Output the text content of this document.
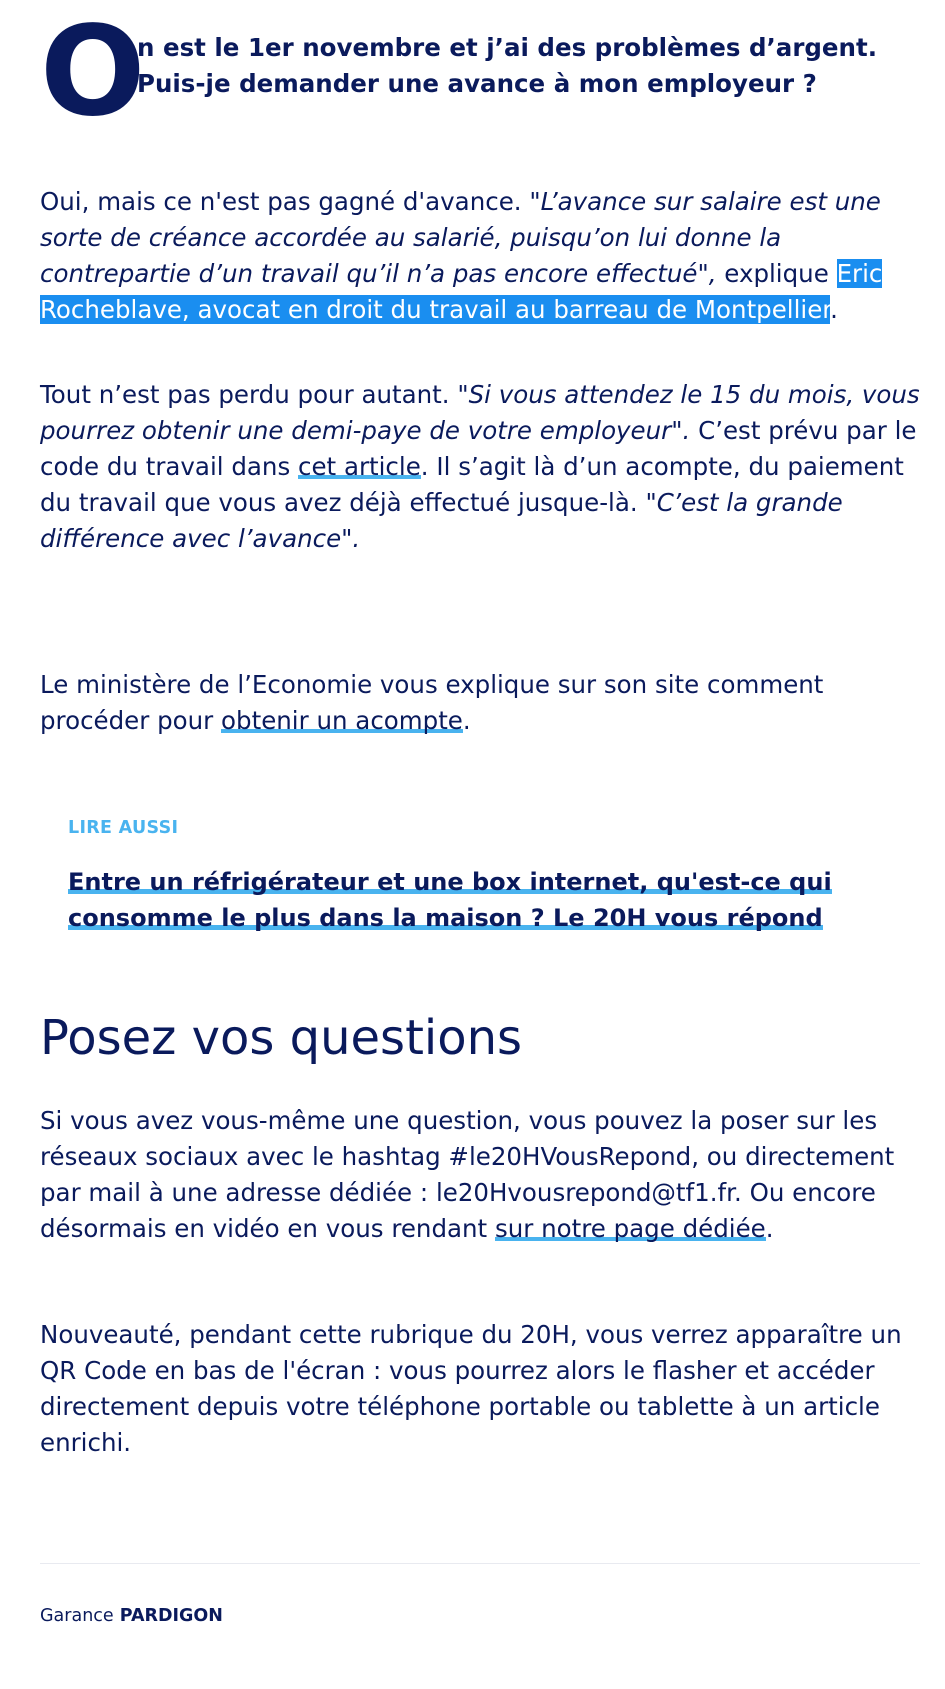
O
n est le 1er novembre et j’ai des problèmes d’argent.
Puis-je demander une avance à mon employeur ?

Oui, mais ce n'est pas gagné d'avance. "L’avance sur salaire est une sorte de créance accordée au salarié, puisqu’on lui donne la contrepartie d’un travail qu’il n’a pas encore effectué", explique Eric Rocheblave, avocat en droit du travail au barreau de Montpellier.

Tout n’est pas perdu pour autant. "Si vous attendez le 15 du mois, vous pourrez obtenir une demi-paye de votre employeur". C’est prévu par le code du travail dans cet article. Il s’agit là d’un acompte, du paiement du travail que vous avez déjà effectué jusque-là. "C’est la grande différence avec l’avance".

Le ministère de l’Economie vous explique sur son site comment procéder pour obtenir un acompte.

LIRE AUSSI
Entre un réfrigérateur et une box internet, qu'est-ce qui consomme le plus dans la maison ? Le 20H vous répond
Posez vos questions

Si vous avez vous-même une question, vous pouvez la poser sur les réseaux sociaux avec le hashtag #le20HVousRepond, ou directement par mail à une adresse dédiée : le20Hvousrepond@tf1.fr. Ou encore désormais en vidéo en vous rendant sur notre page dédiée.

Nouveauté, pendant cette rubrique du 20H, vous verrez apparaître un QR Code en bas de l'écran : vous pourrez alors le flasher et accéder directement depuis votre téléphone portable ou tablette à un article enrichi.

Garance PARDIGON
